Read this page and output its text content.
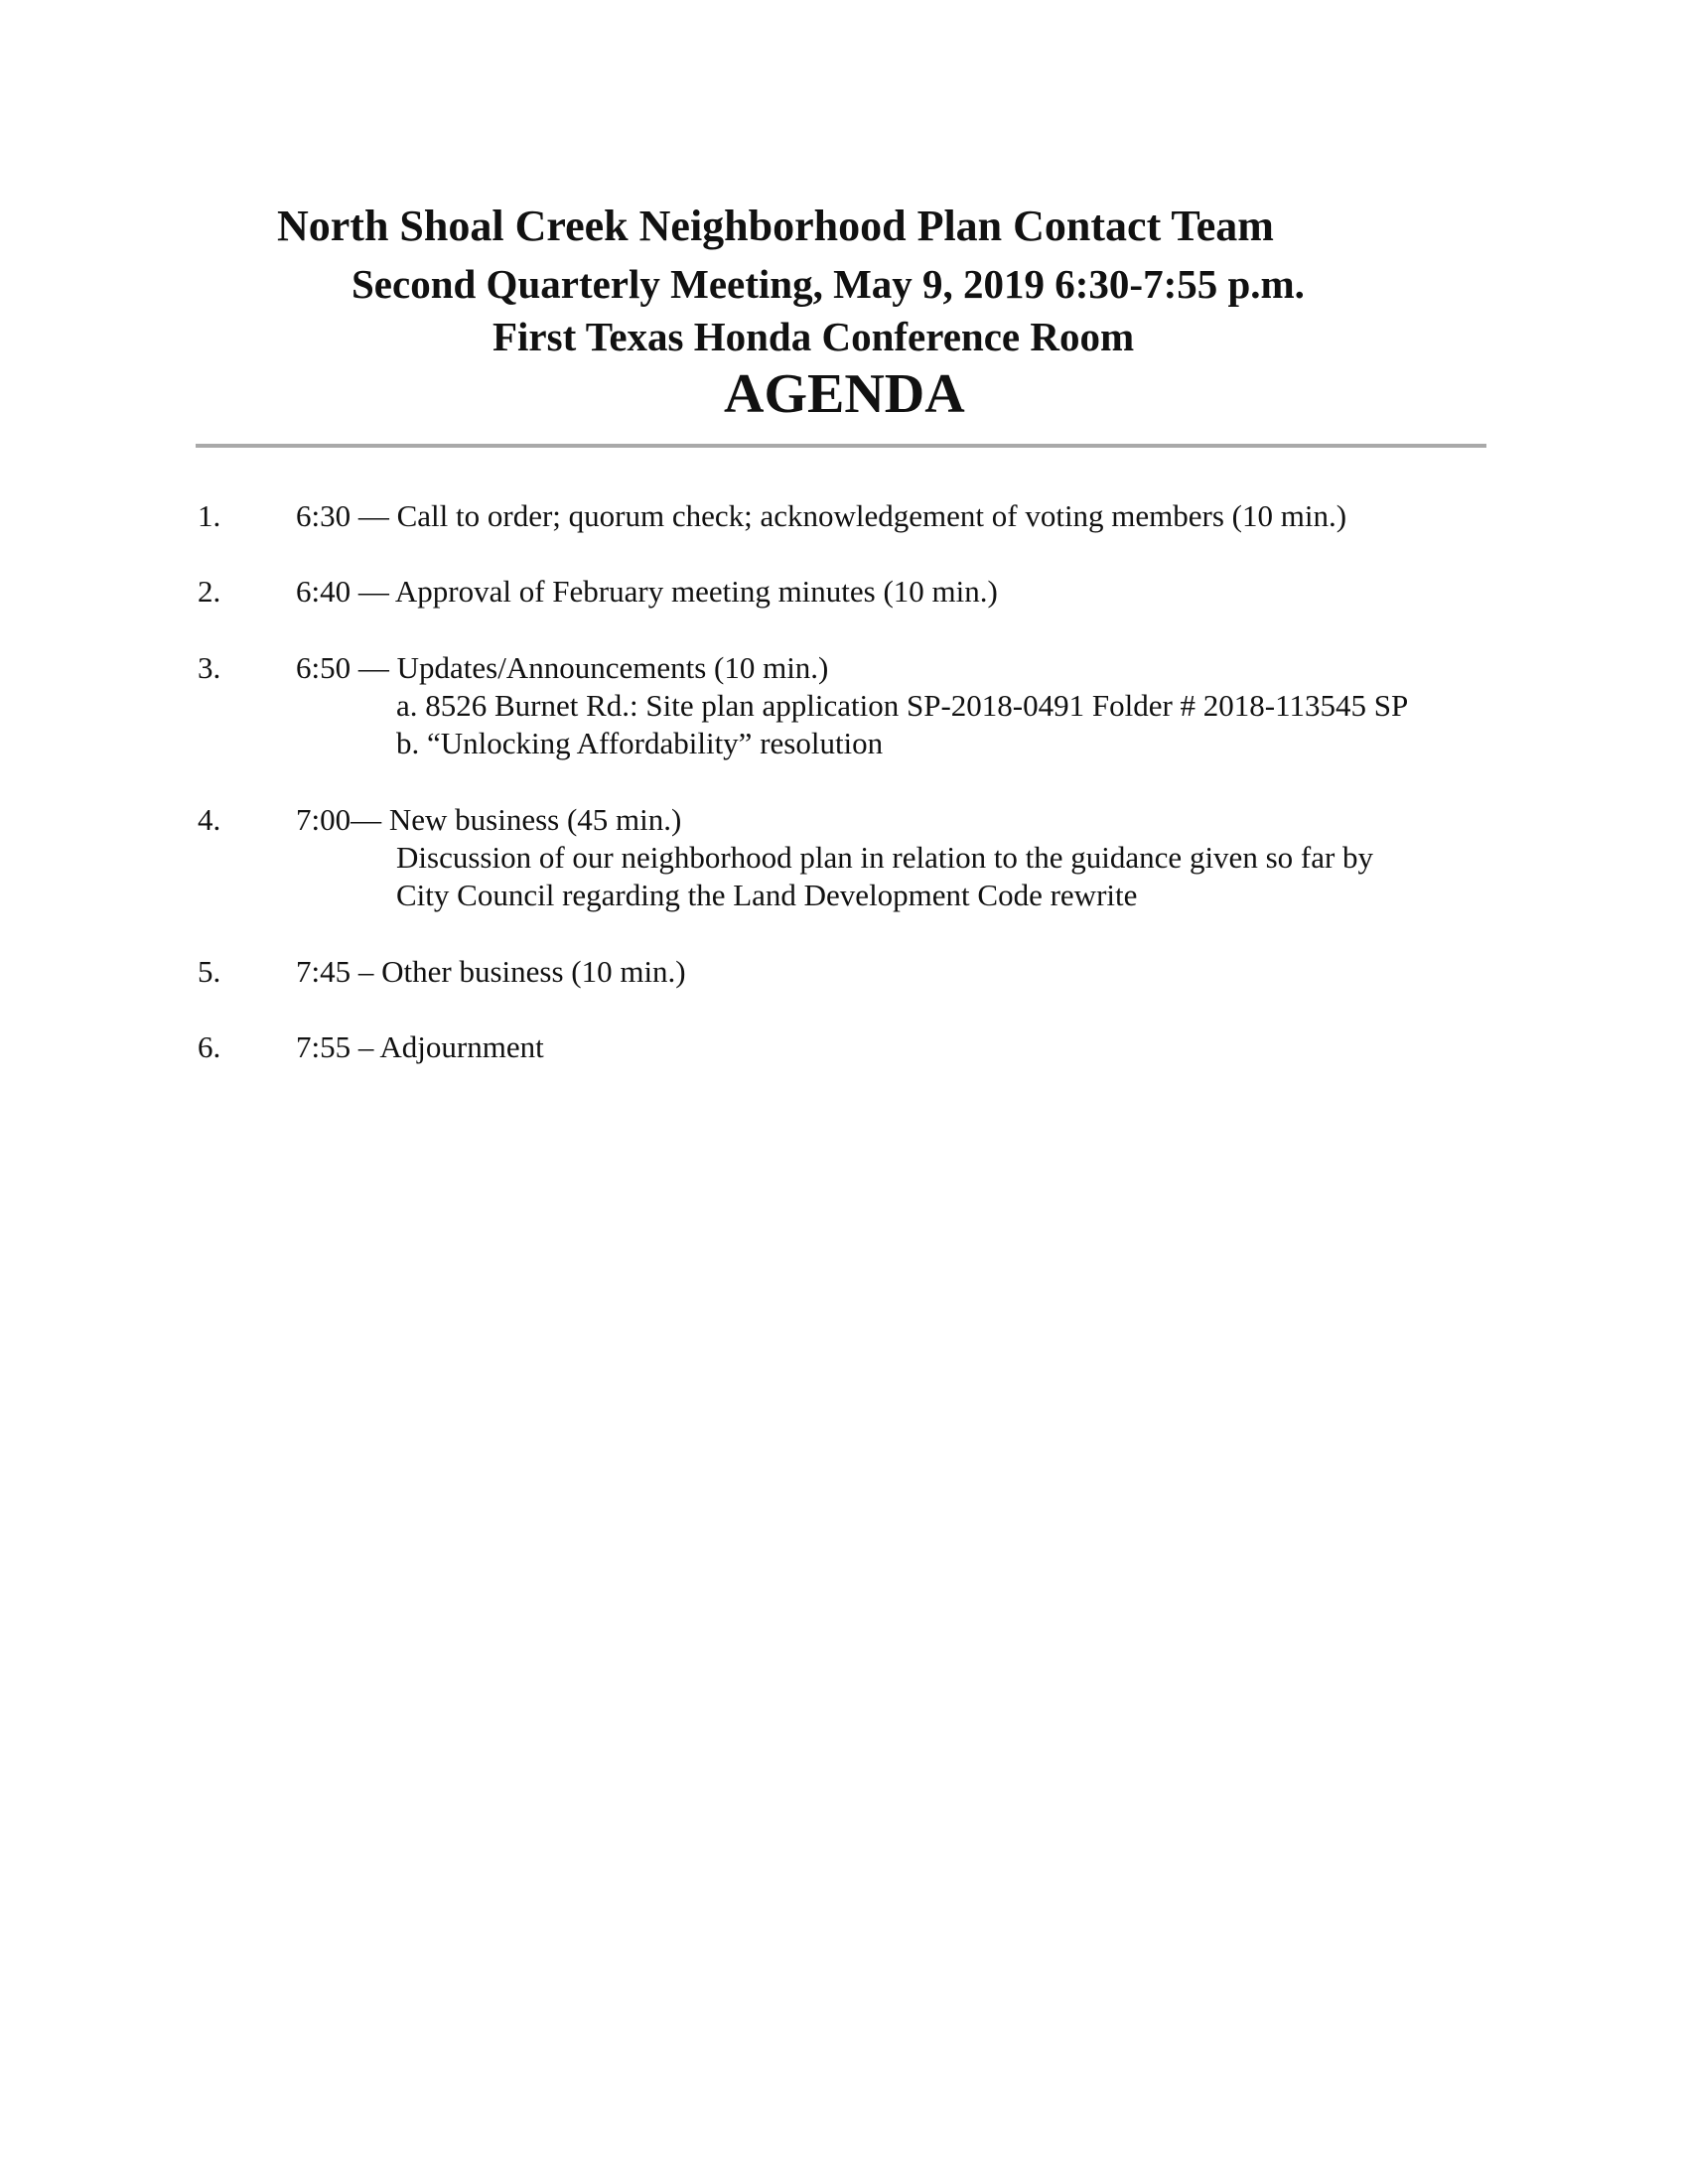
North Shoal Creek Neighborhood Plan Contact Team
Second Quarterly Meeting, May 9, 2019 6:30-7:55 p.m.
First Texas Honda Conference Room
AGENDA
1. 6:30 — Call to order; quorum check; acknowledgement of voting members (10 min.)
2. 6:40 — Approval of February meeting minutes (10 min.)
3. 6:50 — Updates/Announcements (10 min.)
a. 8526 Burnet Rd.: Site plan application SP-2018-0491 Folder # 2018-113545 SP
b. “Unlocking Affordability” resolution
4. 7:00— New business (45 min.)
Discussion of our neighborhood plan in relation to the guidance given so far by
City Council regarding the Land Development Code rewrite
5. 7:45 – Other business (10 min.)
6. 7:55 – Adjournment
